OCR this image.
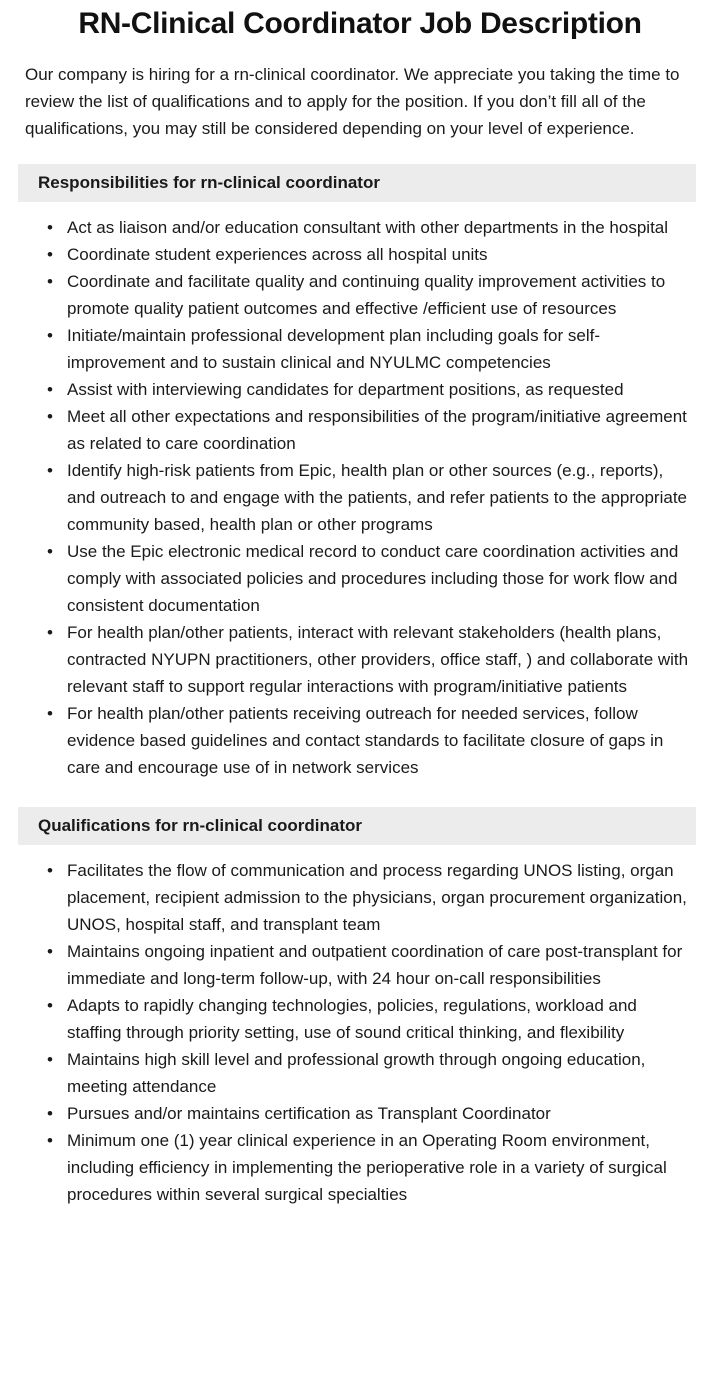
RN-Clinical Coordinator Job Description

Our company is hiring for a rn-clinical coordinator. We appreciate you taking the time to review the list of qualifications and to apply for the position. If you don’t fill all of the qualifications, you may still be considered depending on your level of experience.

Responsibilities for rn-clinical coordinator
• Act as liaison and/or education consultant with other departments in the hospital
• Coordinate student experiences across all hospital units
• Coordinate and facilitate quality and continuing quality improvement activities to promote quality patient outcomes and effective /efficient use of resources
• Initiate/maintain professional development plan including goals for self-improvement and to sustain clinical and NYULMC competencies
• Assist with interviewing candidates for department positions, as requested
• Meet all other expectations and responsibilities of the program/initiative agreement as related to care coordination
• Identify high-risk patients from Epic, health plan or other sources (e.g., reports), and outreach to and engage with the patients, and refer patients to the appropriate community based, health plan or other programs
• Use the Epic electronic medical record to conduct care coordination activities and comply with associated policies and procedures including those for work flow and consistent documentation
• For health plan/other patients, interact with relevant stakeholders (health plans, contracted NYUPN practitioners, other providers, office staff, ) and collaborate with relevant staff to support regular interactions with program/initiative patients
• For health plan/other patients receiving outreach for needed services, follow evidence based guidelines and contact standards to facilitate closure of gaps in care and encourage use of in network services
Qualifications for rn-clinical coordinator
• Facilitates the flow of communication and process regarding UNOS listing, organ placement, recipient admission to the physicians, organ procurement organization, UNOS, hospital staff, and transplant team
• Maintains ongoing inpatient and outpatient coordination of care post-transplant for immediate and long-term follow-up, with 24 hour on-call responsibilities
• Adapts to rapidly changing technologies, policies, regulations, workload and staffing through priority setting, use of sound critical thinking, and flexibility
• Maintains high skill level and professional growth through ongoing education, meeting attendance
• Pursues and/or maintains certification as Transplant Coordinator
• Minimum one (1) year clinical experience in an Operating Room environment, including efficiency in implementing the perioperative role in a variety of surgical procedures within several surgical specialties
